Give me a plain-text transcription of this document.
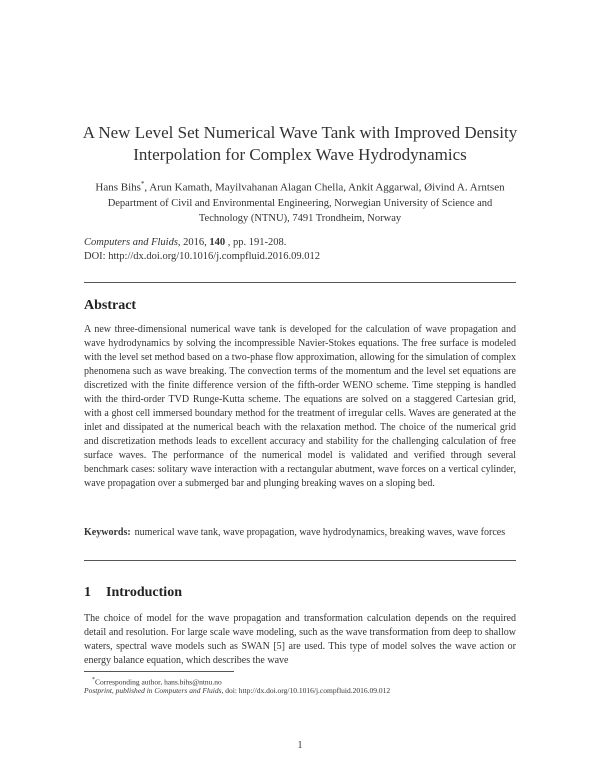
A New Level Set Numerical Wave Tank with Improved Density Interpolation for Complex Wave Hydrodynamics
Hans Bihs*, Arun Kamath, Mayilvahanan Alagan Chella, Ankit Aggarwal, Øivind A. Arntsen
Department of Civil and Environmental Engineering, Norwegian University of Science and Technology (NTNU), 7491 Trondheim, Norway
Computers and Fluids, 2016, 140 , pp. 191-208.
DOI: http://dx.doi.org/10.1016/j.compfluid.2016.09.012
Abstract
A new three-dimensional numerical wave tank is developed for the calculation of wave propagation and wave hydrodynamics by solving the incompressible Navier-Stokes equations. The free surface is modeled with the level set method based on a two-phase flow approximation, allowing for the simulation of complex phenomena such as wave breaking. The convection terms of the momentum and the level set equations are discretized with the finite difference version of the fifth-order WENO scheme. Time stepping is handled with the third-order TVD Runge-Kutta scheme. The equations are solved on a staggered Cartesian grid, with a ghost cell immersed boundary method for the treatment of irregular cells. Waves are generated at the inlet and dissipated at the numerical beach with the relaxation method. The choice of the numerical grid and discretization methods leads to excellent accuracy and stability for the challenging calculation of free surface waves. The performance of the numerical model is validated and verified through several benchmark cases: solitary wave interaction with a rectangular abutment, wave forces on a vertical cylinder, wave propagation over a submerged bar and plunging breaking waves on a sloping bed.
Keywords: numerical wave tank, wave propagation, wave hydrodynamics, breaking waves, wave forces
1 Introduction
The choice of model for the wave propagation and transformation calculation depends on the required detail and resolution. For large scale wave modeling, such as the wave transformation from deep to shallow waters, spectral wave models such as SWAN [5] are used. This type of model solves the wave action or energy balance equation, which describes the wave
*Corresponding author, hans.bihs@ntnu.no
Postprint, published in Computers and Fluids, doi: http://dx.doi.org/10.1016/j.compfluid.2016.09.012
1
